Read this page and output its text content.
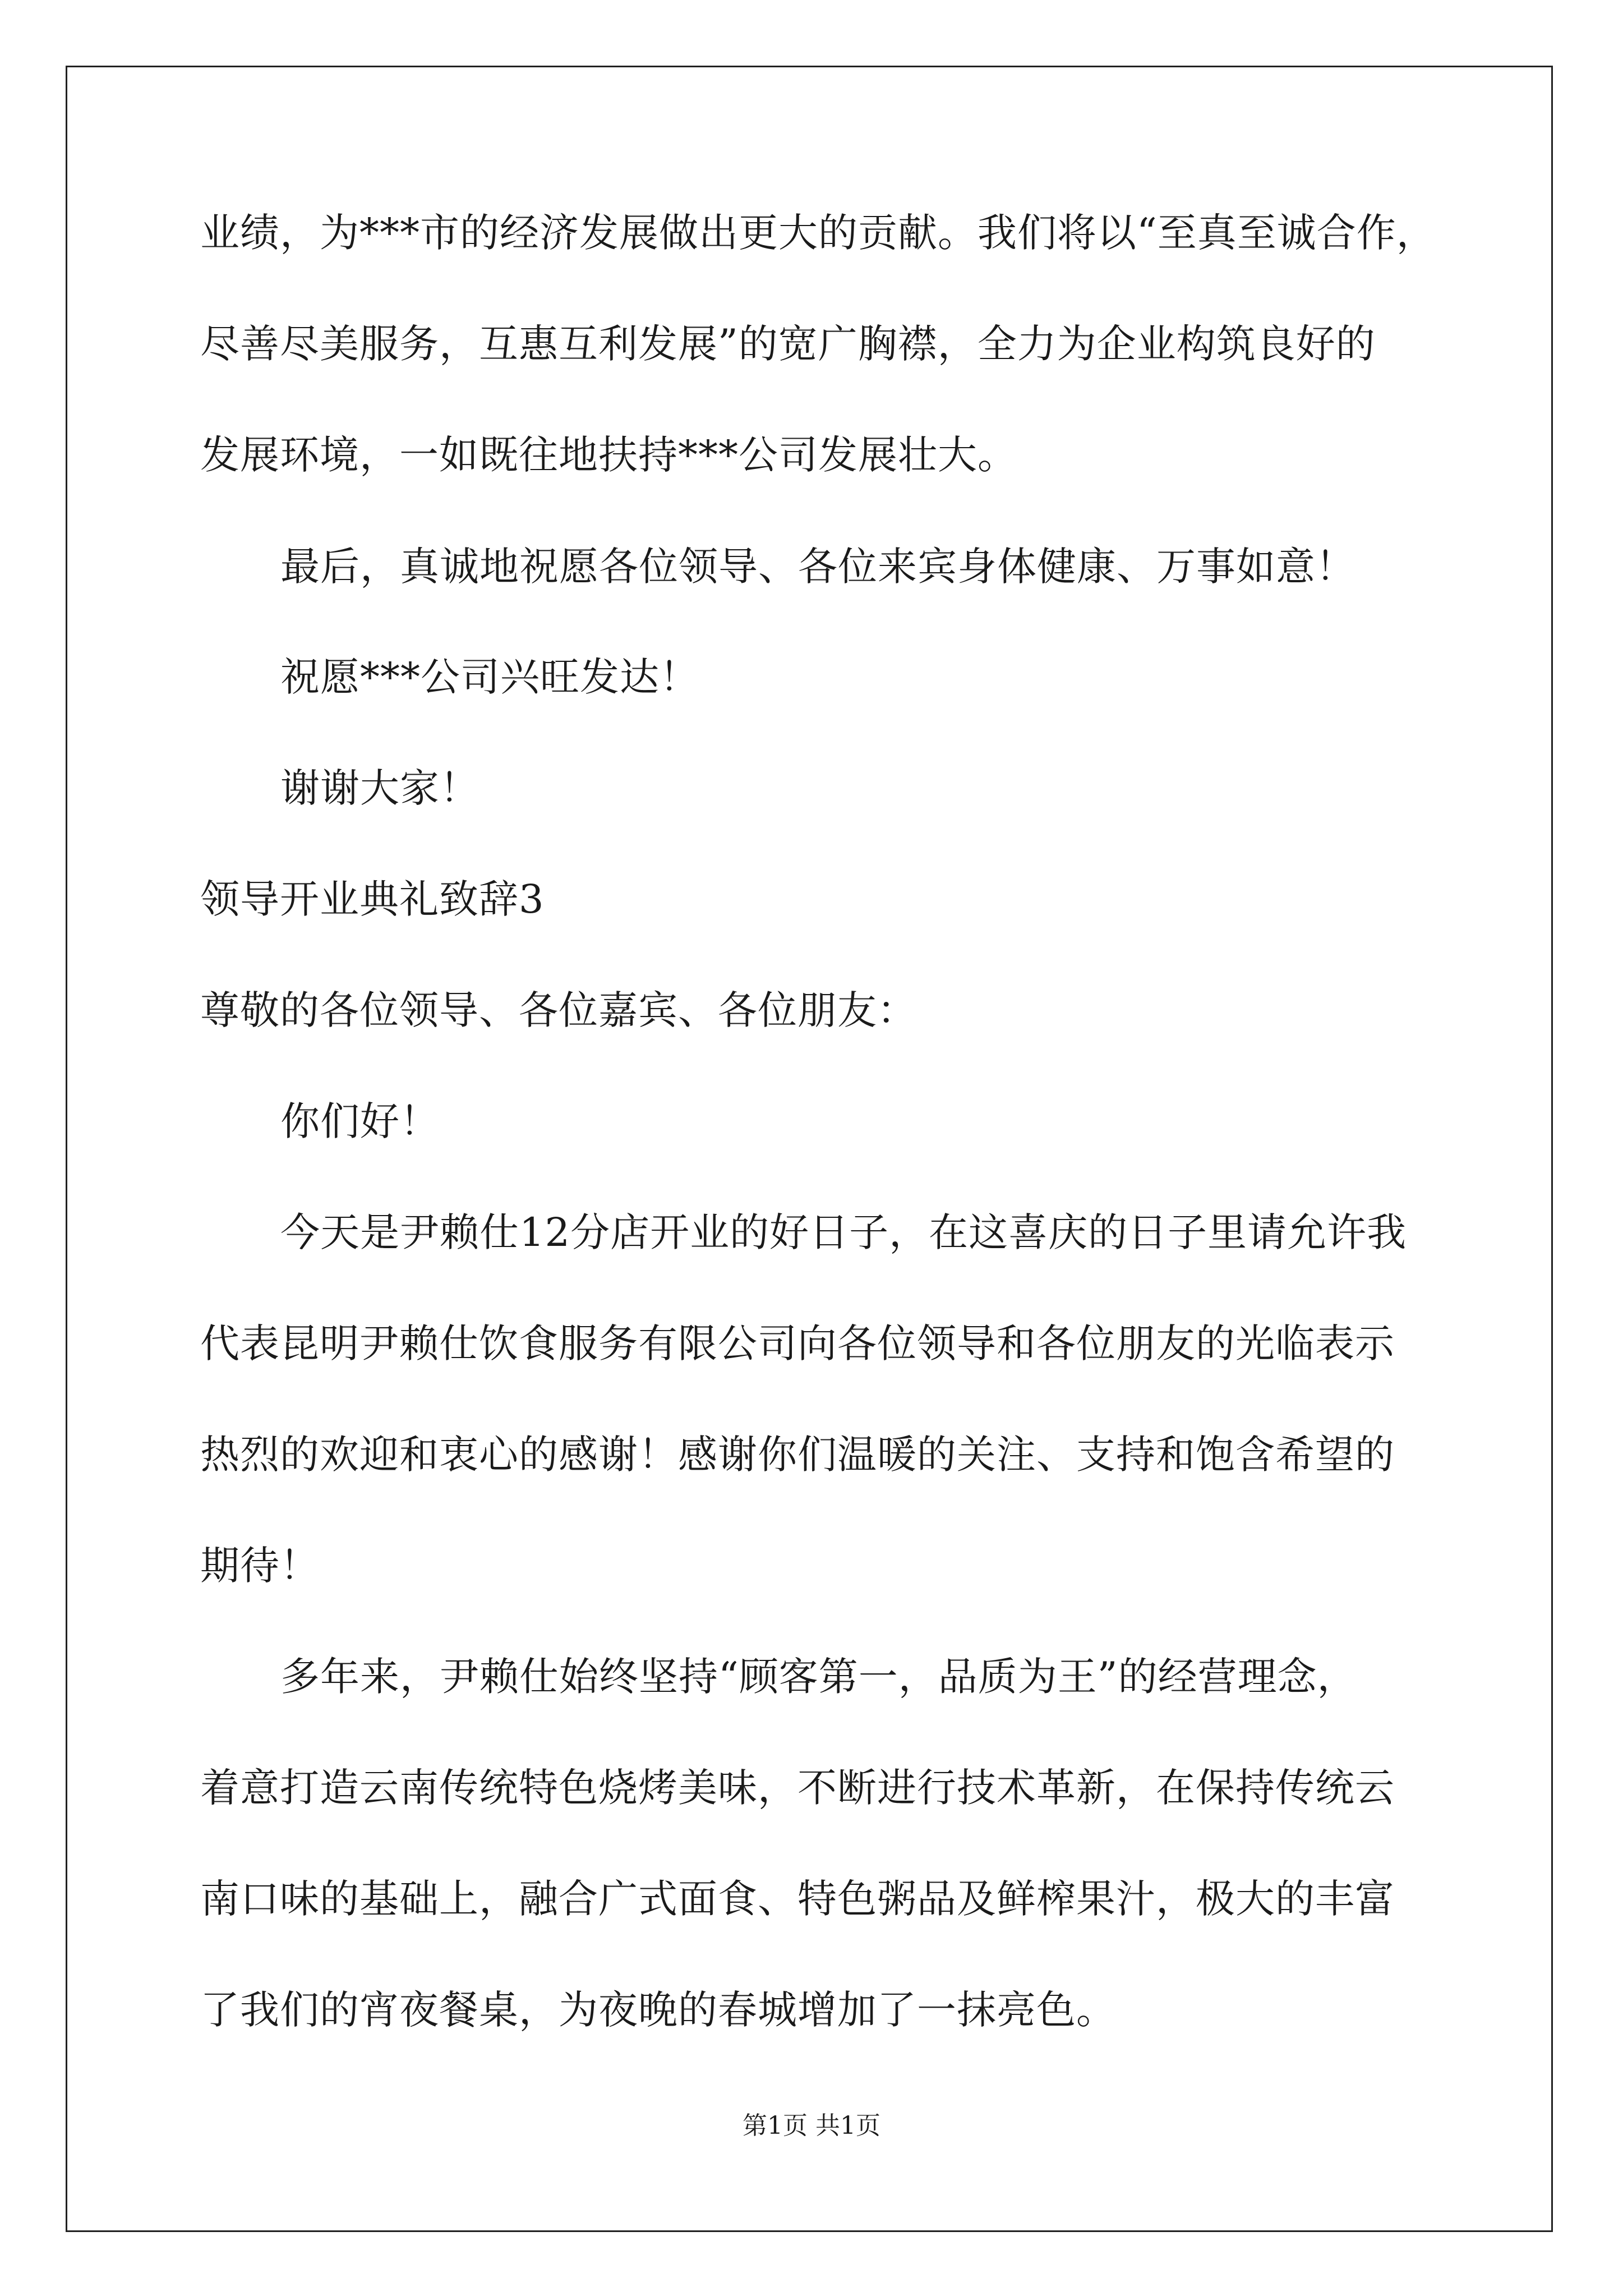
业绩，为***市的经济发展做出更大的贡献。我们将以“至真至诚合作，
尽善尽美服务，互惠互利发展”的宽广胸襟，全力为企业构筑良好的
发展环境，一如既往地扶持***公司发展壮大。
最后，真诚地祝愿各位领导、各位来宾身体健康、万事如意！
祝愿***公司兴旺发达！
谢谢大家！
领导开业典礼致辞3
尊敬的各位领导、各位嘉宾、各位朋友：
你们好！
今天是尹赖仕12分店开业的好日子，在这喜庆的日子里请允许我
代表昆明尹赖仕饮食服务有限公司向各位领导和各位朋友的光临表示
热烈的欢迎和衷心的感谢！感谢你们温暖的关注、支持和饱含希望的
期待！
多年来，尹赖仕始终坚持“顾客第一，品质为王”的经营理念，
着意打造云南传统特色烧烤美味，不断进行技术革新，在保持传统云
南口味的基础上，融合广式面食、特色粥品及鲜榨果汁，极大的丰富
了我们的宵夜餐桌，为夜晚的春城增加了一抹亮色。
第1页 共1页
